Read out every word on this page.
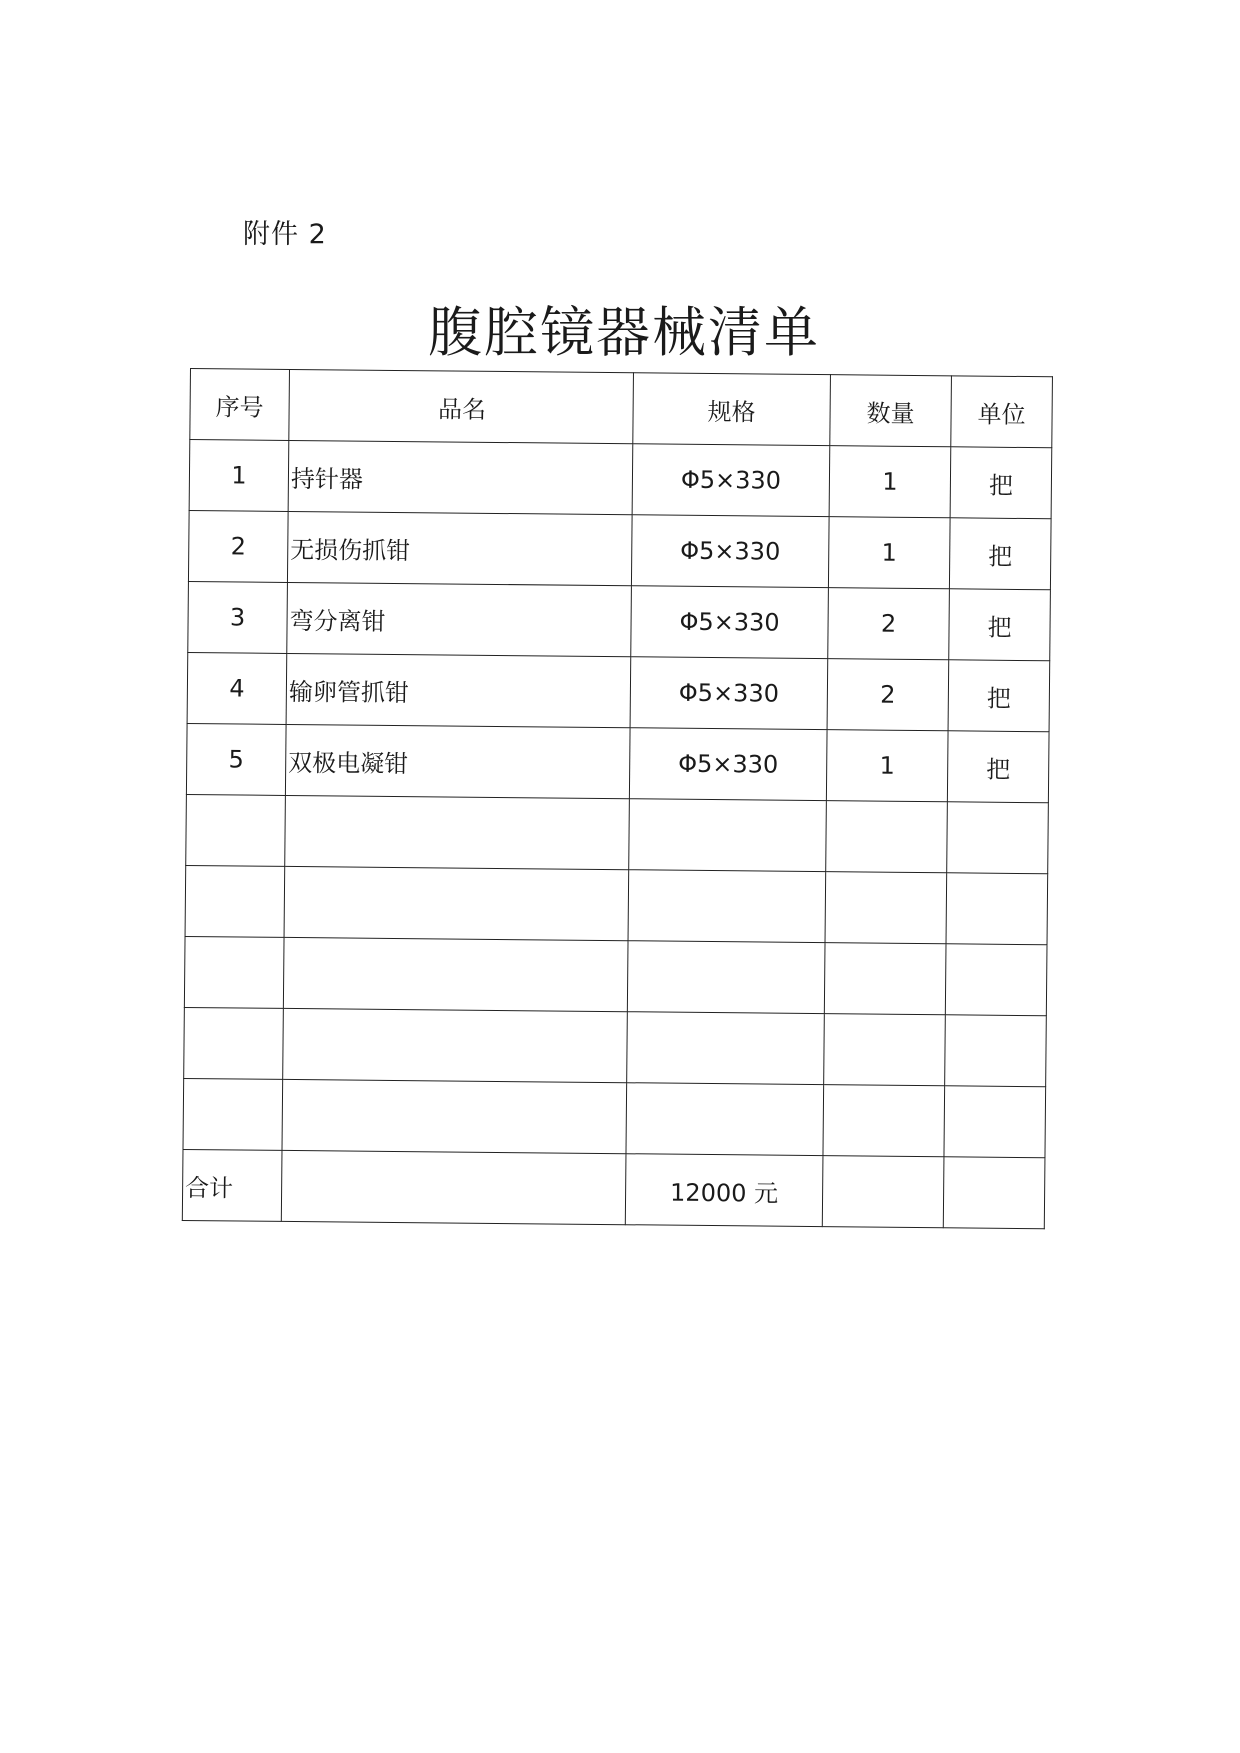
附件 2
腹腔镜器械清单
序号	品名	规格	数量	单位
1	持针器	Φ5×330	1	把
2	无损伤抓钳	Φ5×330	1	把
3	弯分离钳	Φ5×330	2	把
4	输卵管抓钳	Φ5×330	2	把
5	双极电凝钳	Φ5×330	1	把

合计		12000 元		
